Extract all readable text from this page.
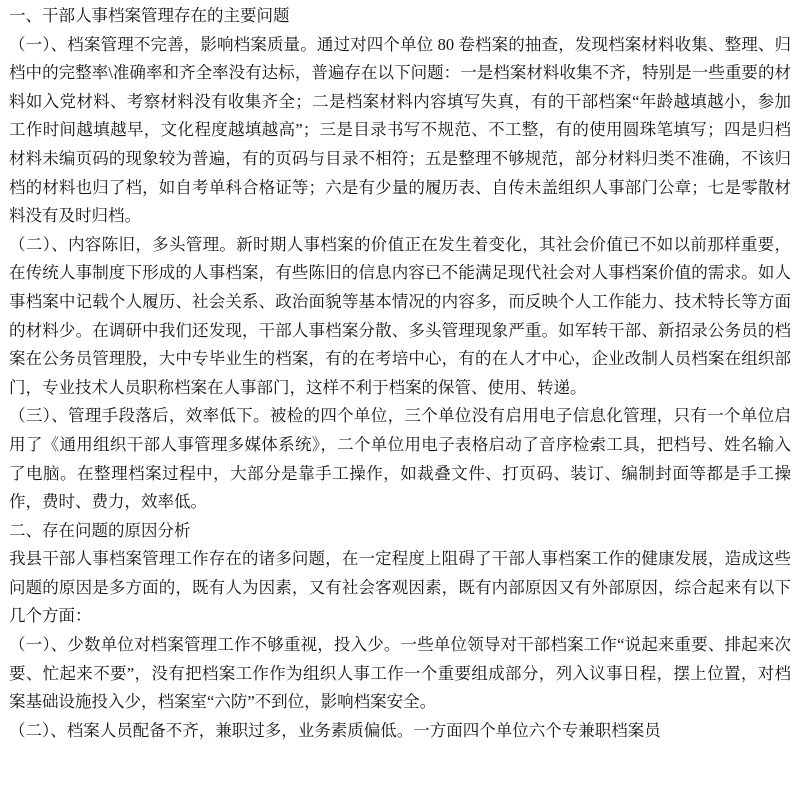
一、干部人事档案管理存在的主要问题
（一）、档案管理不完善，影响档案质量。通过对四个单位 80 卷档案的抽查，发现档案材料收集、整理、归档中的完整率\准确率和齐全率没有达标，普遍存在以下问题：一是档案材料收集不齐，特别是一些重要的材料如入党材料、考察材料没有收集齐全；二是档案材料内容填写失真，有的干部档案“年龄越填越小，参加工作时间越填越早，文化程度越填越高”；三是目录书写不规范、不工整，有的使用圆珠笔填写；四是归档材料未编页码的现象较为普遍，有的页码与目录不相符；五是整理不够规范，部分材料归类不准确，不该归档的材料也归了档，如自考单科合格证等；六是有少量的履历表、自传未盖组织人事部门公章；七是零散材料没有及时归档。
（二）、内容陈旧，多头管理。新时期人事档案的价值正在发生着变化，其社会价值已不如以前那样重要，在传统人事制度下形成的人事档案，有些陈旧的信息内容已不能满足现代社会对人事档案价值的需求。如人事档案中记载个人履历、社会关系、政治面貌等基本情况的内容多，而反映个人工作能力、技术特长等方面的材料少。在调研中我们还发现，干部人事档案分散、多头管理现象严重。如军转干部、新招录公务员的档案在公务员管理股，大中专毕业生的档案，有的在考培中心，有的在人才中心，企业改制人员档案在组织部门，专业技术人员职称档案在人事部门，这样不利于档案的保管、使用、转递。
（三）、管理手段落后，效率低下。被检的四个单位，三个单位没有启用电子信息化管理，只有一个单位启用了《通用组织干部人事管理多媒体系统》，二个单位用电子表格启动了音序检索工具，把档号、姓名输入了电脑。在整理档案过程中，大部分是靠手工操作，如裁叠文件、打页码、装订、编制封面等都是手工操作，费时、费力，效率低。
二、存在问题的原因分析
我县干部人事档案管理工作存在的诸多问题，在一定程度上阻碍了干部人事档案工作的健康发展，造成这些问题的原因是多方面的，既有人为因素，又有社会客观因素，既有内部原因又有外部原因，综合起来有以下几个方面：
（一）、少数单位对档案管理工作不够重视，投入少。一些单位领导对干部档案工作“说起来重要、排起来次要、忙起来不要”，没有把档案工作作为组织人事工作一个重要组成部分，列入议事日程，摆上位置，对档案基础设施投入少，档案室“六防”不到位，影响档案安全。
（二）、档案人员配备不齐，兼职过多，业务素质偏低。一方面四个单位六个专兼职档案员
